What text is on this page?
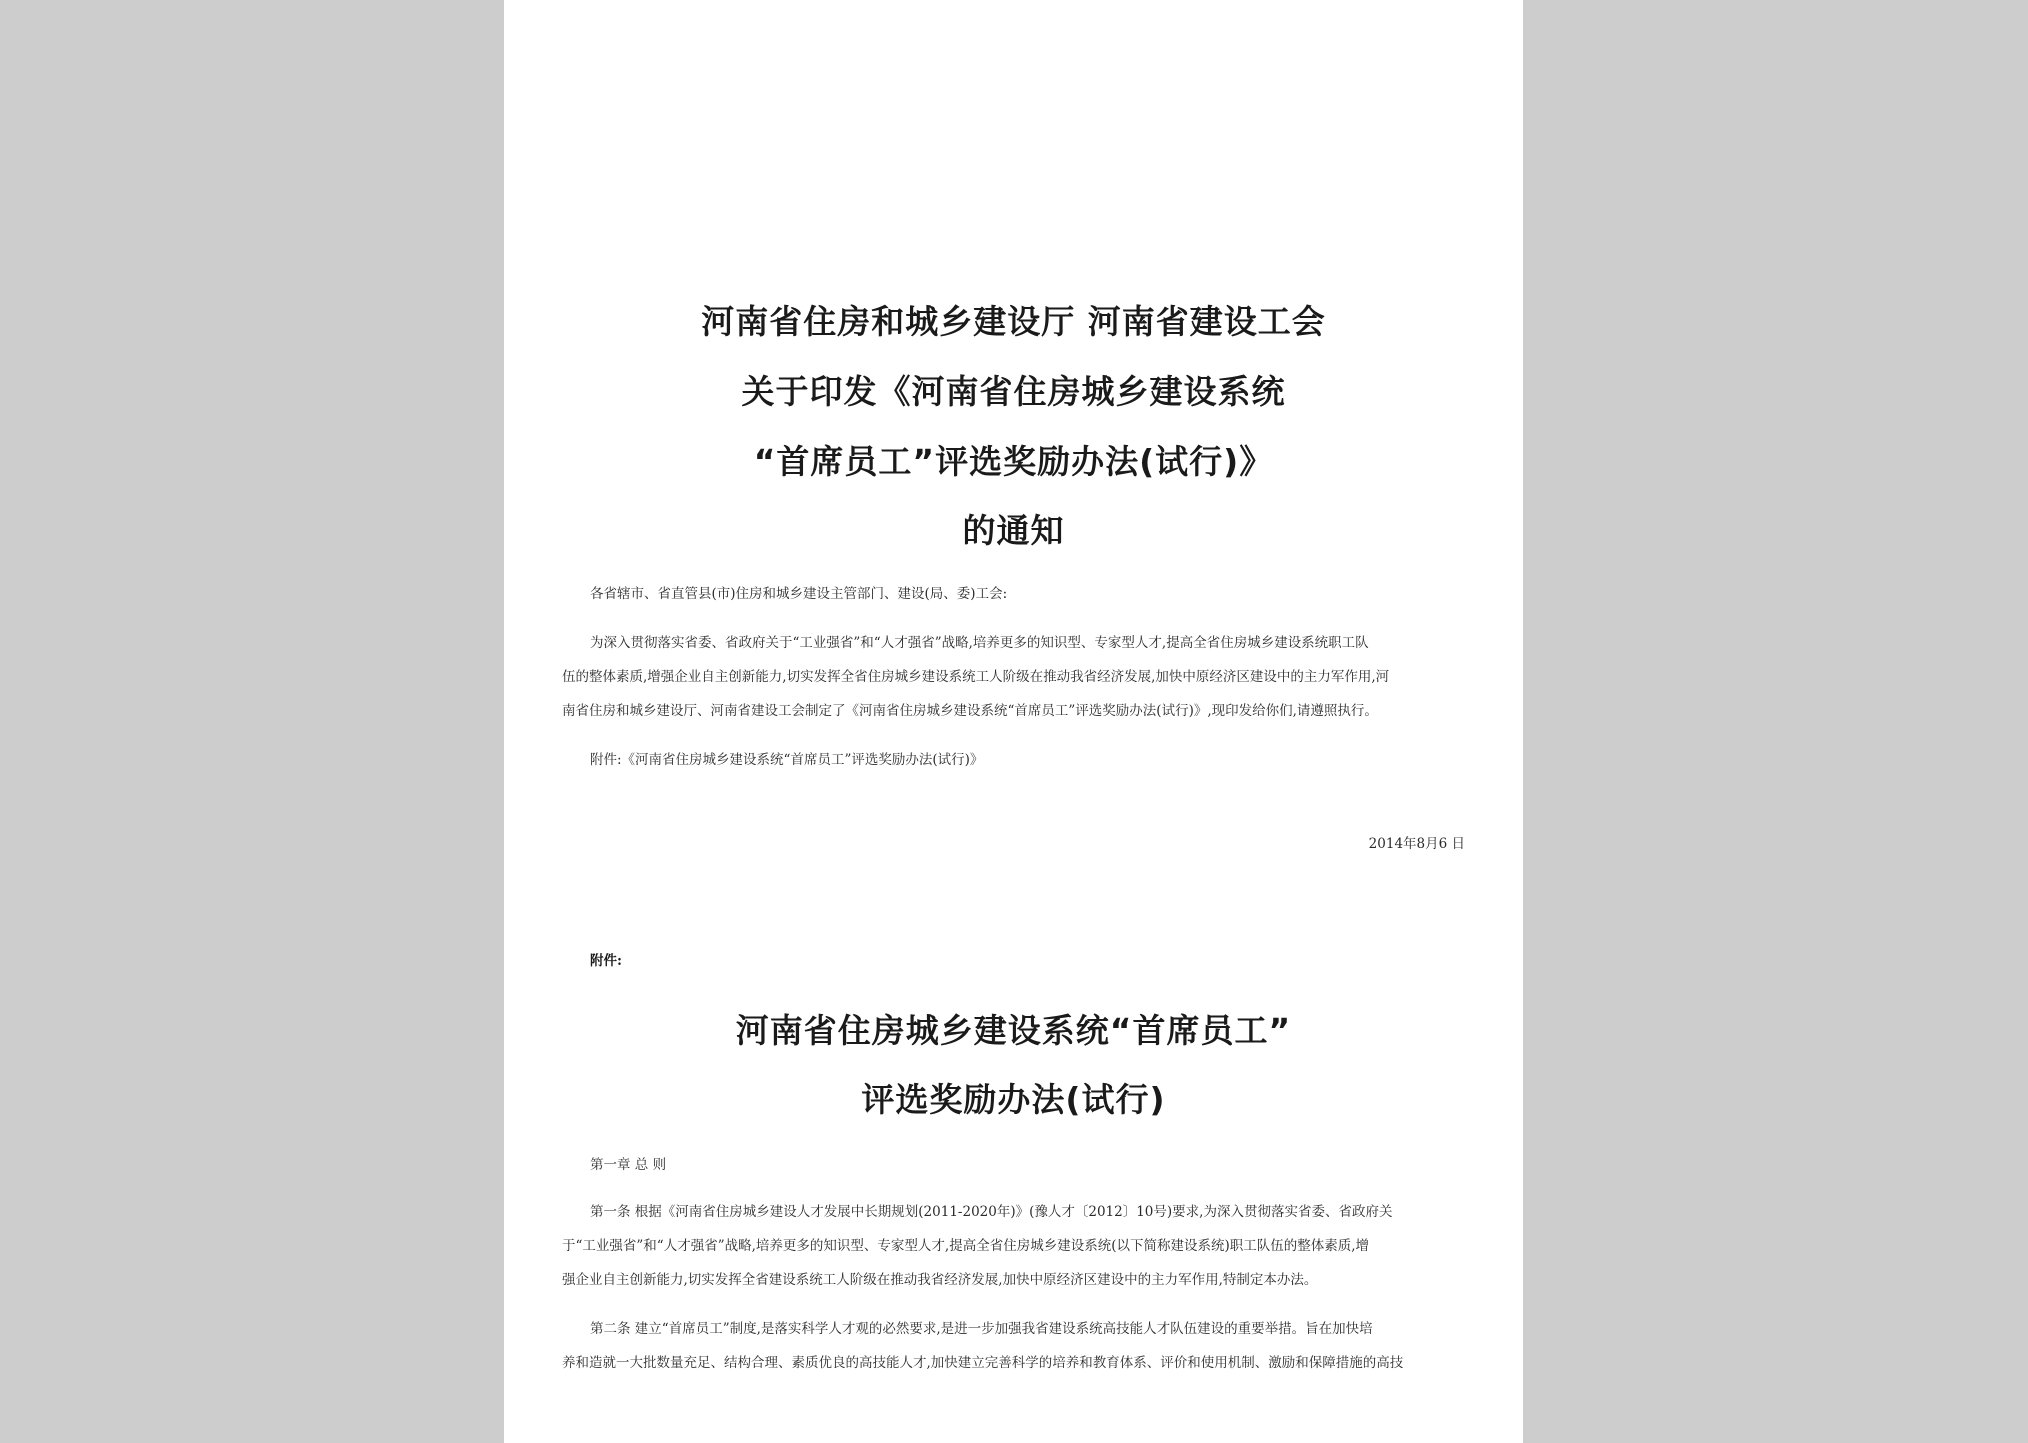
河南省住房和城乡建设厅 河南省建设工会
关于印发《河南省住房城乡建设系统
“首席员工”评选奖励办法(试行)》
的通知
各省辖市、省直管县(市)住房和城乡建设主管部门、建设(局、委)工会:
为深入贯彻落实省委、省政府关于“工业强省”和“人才强省”战略,培养更多的知识型、专家型人才,提高全省住房城乡建设系统职工队
伍的整体素质,增强企业自主创新能力,切实发挥全省住房城乡建设系统工人阶级在推动我省经济发展,加快中原经济区建设中的主力军作用,河
南省住房和城乡建设厅、河南省建设工会制定了《河南省住房城乡建设系统“首席员工”评选奖励办法(试行)》,现印发给你们,请遵照执行。
附件:《河南省住房城乡建设系统“首席员工”评选奖励办法(试行)》
2014年8月6 日
附件:
河南省住房城乡建设系统“首席员工”
评选奖励办法(试行)
第一章 总 则
第一条 根据《河南省住房城乡建设人才发展中长期规划(2011-2020年)》(豫人才〔2012〕10号)要求,为深入贯彻落实省委、省政府关
于“工业强省”和“人才强省”战略,培养更多的知识型、专家型人才,提高全省住房城乡建设系统(以下简称建设系统)职工队伍的整体素质,增
强企业自主创新能力,切实发挥全省建设系统工人阶级在推动我省经济发展,加快中原经济区建设中的主力军作用,特制定本办法。
第二条 建立“首席员工”制度,是落实科学人才观的必然要求,是进一步加强我省建设系统高技能人才队伍建设的重要举措。旨在加快培
养和造就一大批数量充足、结构合理、素质优良的高技能人才,加快建立完善科学的培养和教育体系、评价和使用机制、激励和保障措施的高技
